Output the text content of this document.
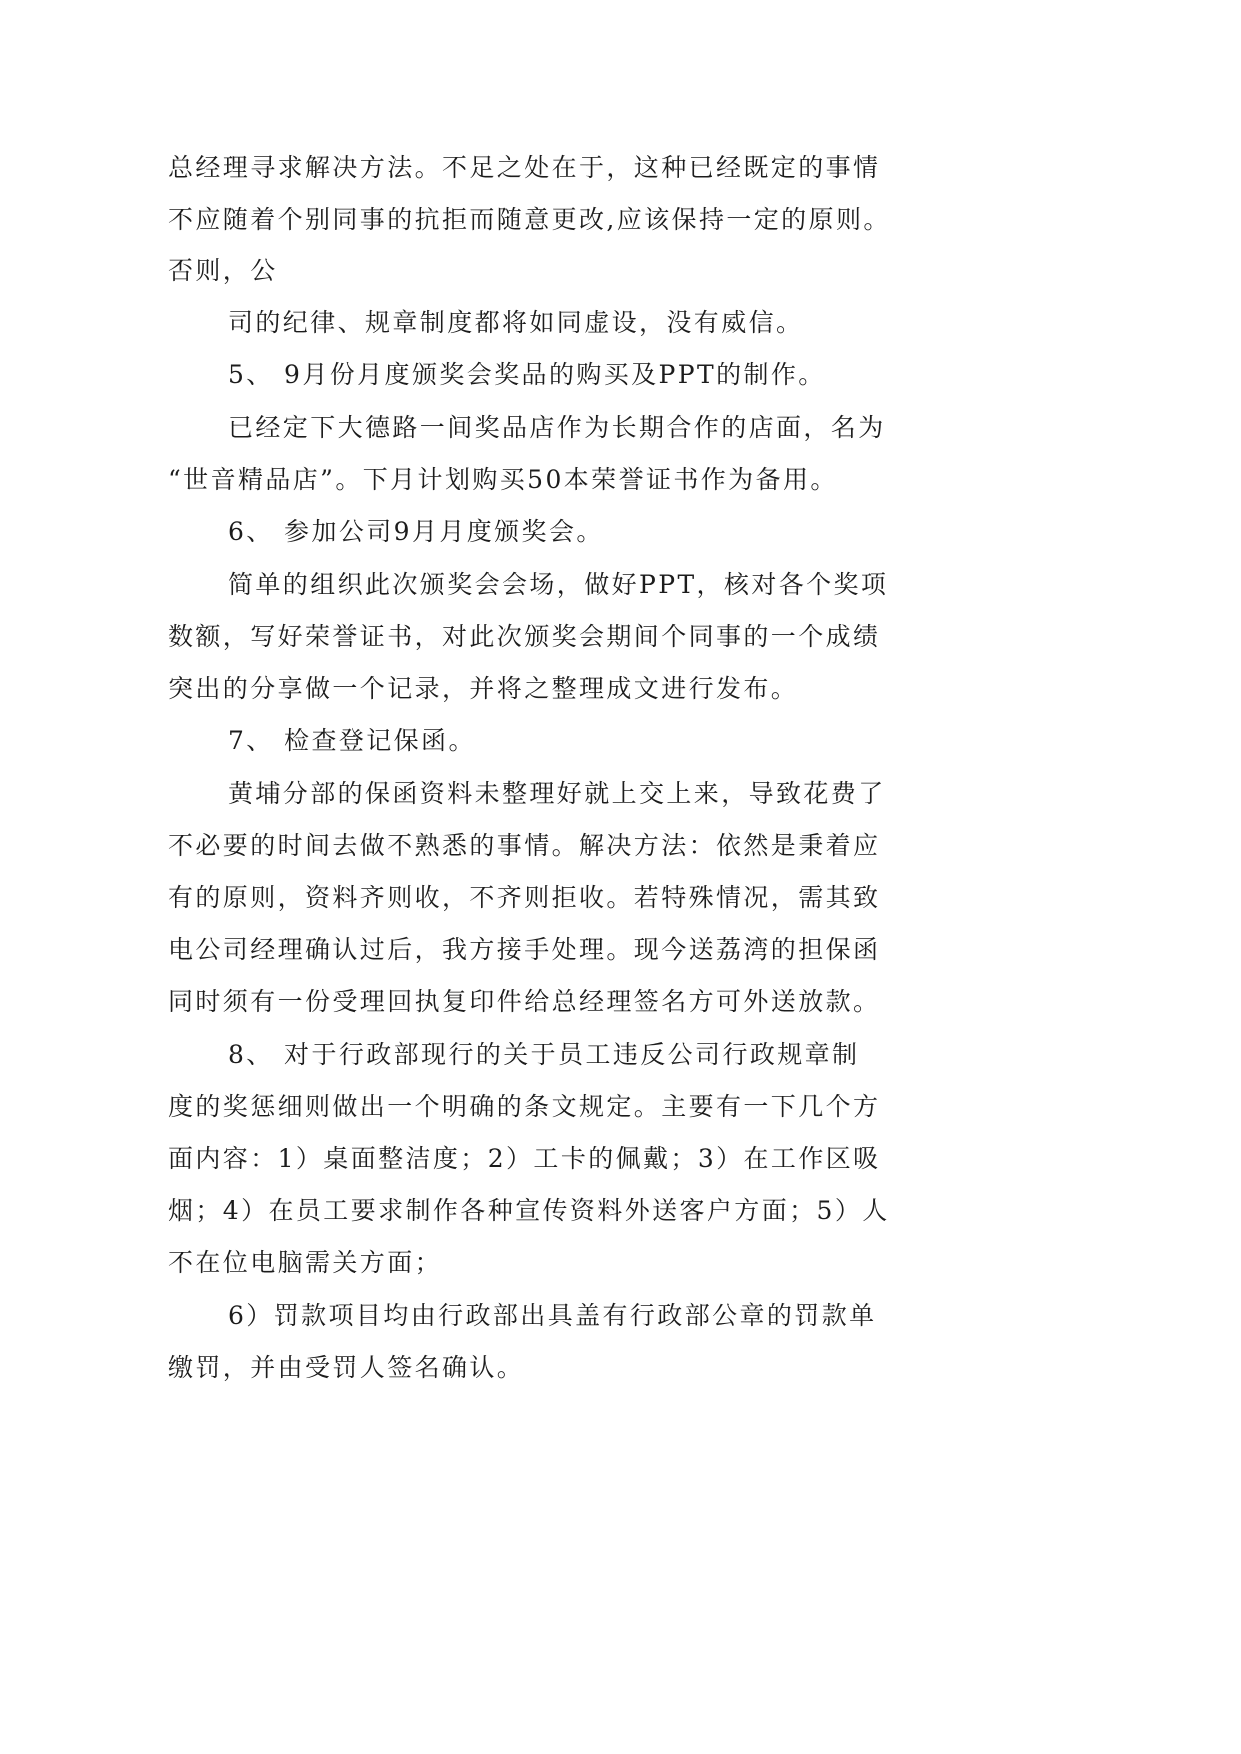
总经理寻求解决方法。不足之处在于，这种已经既定的事情
不应随着个别同事的抗拒而随意更改,应该保持一定的原则。
否则，公
司的纪律、规章制度都将如同虚设，没有威信。
5、 9月份月度颁奖会奖品的购买及PPT的制作。
已经定下大德路一间奖品店作为长期合作的店面，名为
“世音精品店”。下月计划购买50本荣誉证书作为备用。
6、 参加公司9月月度颁奖会。
简单的组织此次颁奖会会场，做好PPT，核对各个奖项
数额，写好荣誉证书，对此次颁奖会期间个同事的一个成绩
突出的分享做一个记录，并将之整理成文进行发布。
7、 检查登记保函。
黄埔分部的保函资料未整理好就上交上来，导致花费了
不必要的时间去做不熟悉的事情。解决方法：依然是秉着应
有的原则，资料齐则收，不齐则拒收。若特殊情况，需其致
电公司经理确认过后，我方接手处理。现今送荔湾的担保函
同时须有一份受理回执复印件给总经理签名方可外送放款。
8、 对于行政部现行的关于员工违反公司行政规章制
度的奖惩细则做出一个明确的条文规定。主要有一下几个方
面内容：1）桌面整洁度；2）工卡的佩戴；3）在工作区吸
烟；4）在员工要求制作各种宣传资料外送客户方面；5）人
不在位电脑需关方面；
6）罚款项目均由行政部出具盖有行政部公章的罚款单
缴罚，并由受罚人签名确认。
